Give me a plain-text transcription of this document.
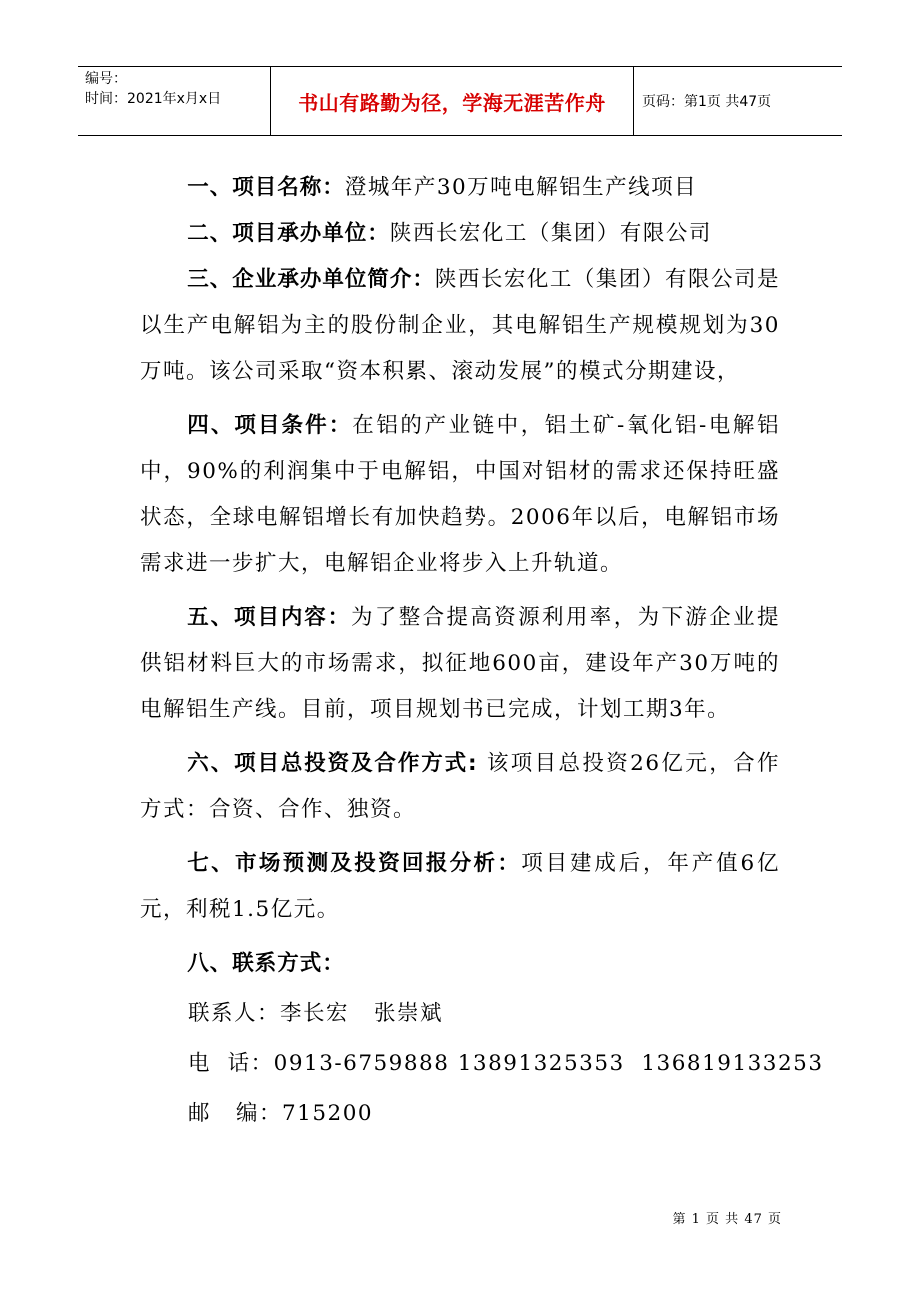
编号：
时间：2021年x月x日	书山有路勤为径，学海无涯苦作舟	页码：第1页 共47页

一、项目名称：澄城年产30万吨电解铝生产线项目

二、项目承办单位：陕西长宏化工（集团）有限公司

三、企业承办单位简介：陕西长宏化工（集团）有限公司是以生产电解铝为主的股份制企业，其电解铝生产规模规划为30万吨。该公司采取“资本积累、滚动发展”的模式分期建设，

四、项目条件：在铝的产业链中，铝土矿-氧化铝-电解铝中，90%的利润集中于电解铝，中国对铝材的需求还保持旺盛状态，全球电解铝增长有加快趋势。2006年以后，电解铝市场需求进一步扩大，电解铝企业将步入上升轨道。

五、项目内容：为了整合提高资源利用率，为下游企业提供铝材料巨大的市场需求，拟征地600亩，建设年产30万吨的电解铝生产线。目前，项目规划书已完成，计划工期3年。

六、项目总投资及合作方式: 该项目总投资26亿元，合作方式：合资、合作、独资。

七、市场预测及投资回报分析：项目建成后，年产值6亿元，利税1.5亿元。

八、联系方式：

联系人：李长宏   张崇斌

电  话：0913-6759888 13891325353  136819133253

邮   编：715200

第 1 页 共 47 页
